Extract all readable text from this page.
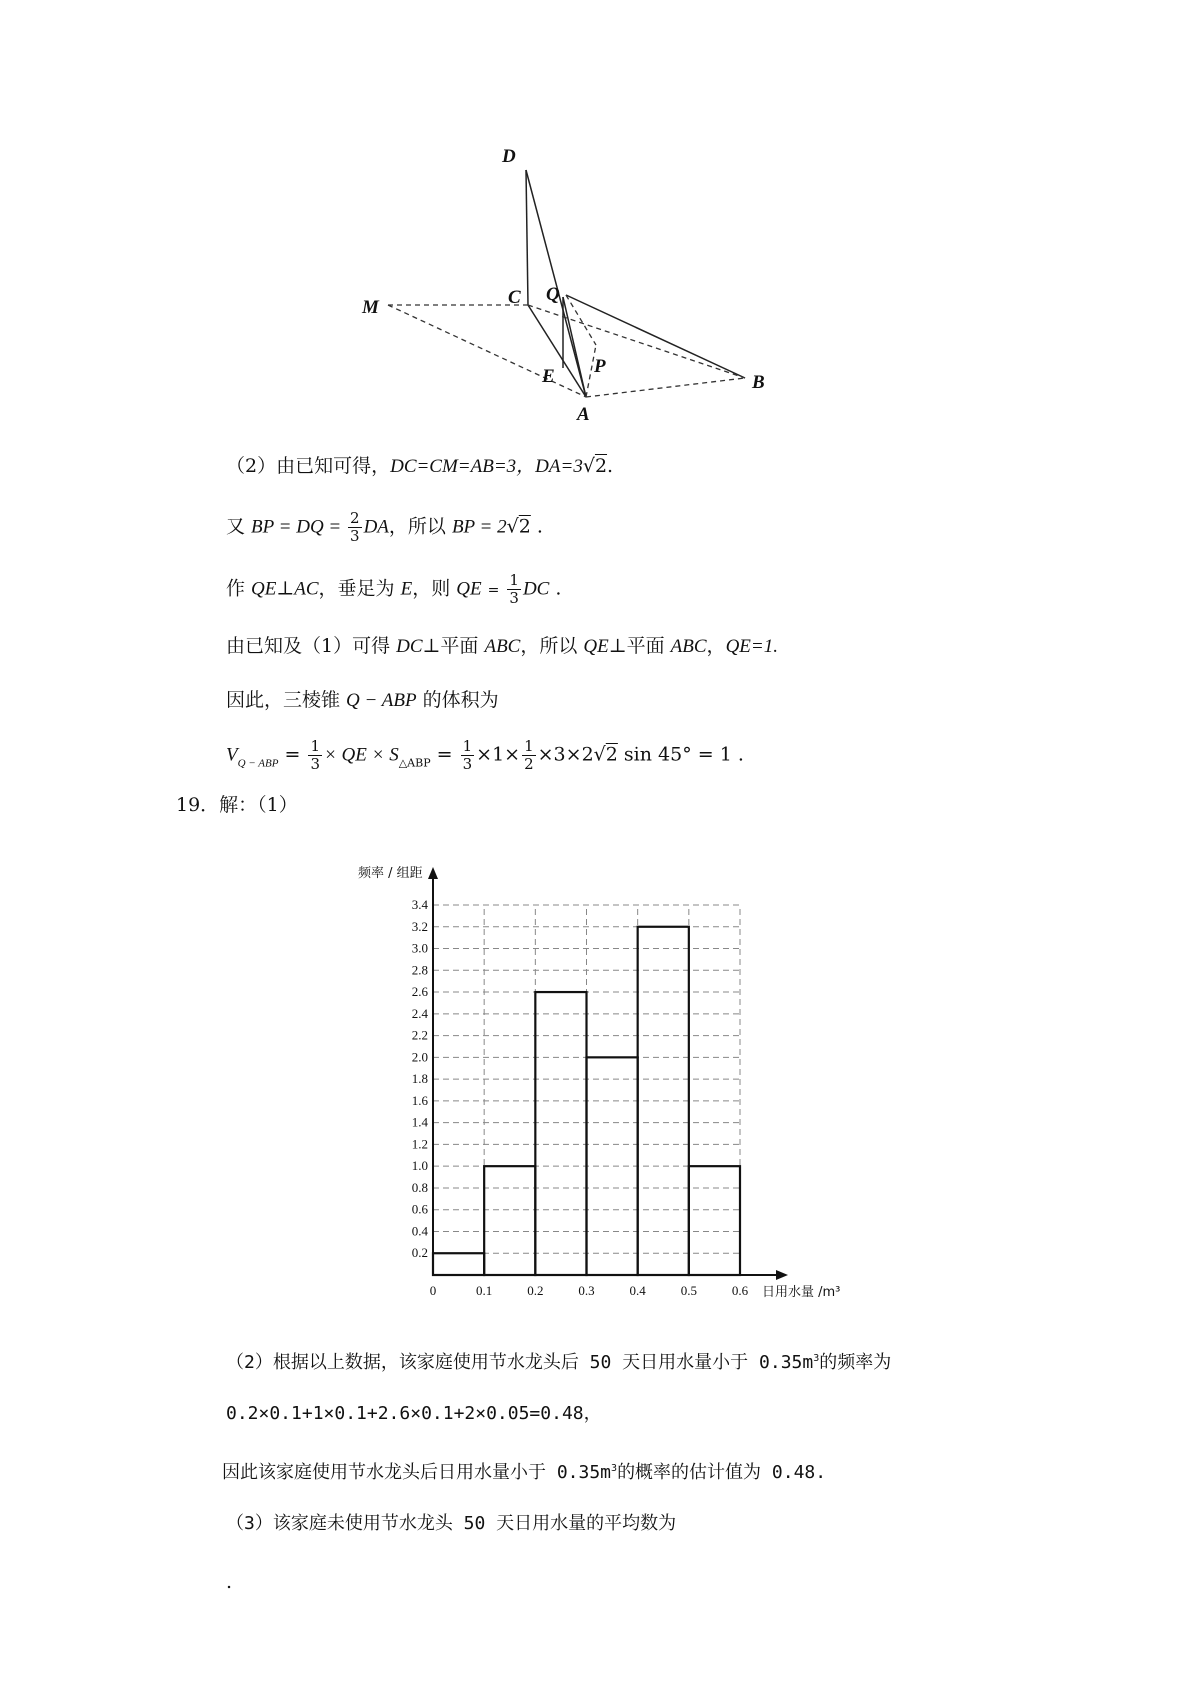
D
C Q
M
E P
A
B
（2）由已知可得，DC=CM=AB=3，DA=3√2.
又 BP = DQ = $\frac{2}{3}$ DA，所以 BP = 2√2 .
作 QE⊥AC，垂足为 E，则 QE = $\frac{1}{3}$ DC .
由已知及（1）可得 DC⊥平面 ABC，所以 QE⊥平面 ABC，QE=1.
因此，三棱锥 Q − ABP 的体积为
$V_{Q - ABP} = \frac{1}{3}$ × QE × $S_{\triangle ABP} = \frac{1}{3} \times 1\times \frac{1}{2} \times 3\times 2√2$ sin 45° = 1 .
19．解：（1）
0.2
0.4
0.6
0.8
1.0
1.2
1.4
1.6
1.8
2.0
2.2
2.4
2.6
2.8
3.0
3.2
3.4
0	0.1	0.2	0.3	0.4	0.5	0.6
频率 / 组距
日用水量 /m³
（2）根据以上数据，该家庭使用节水龙头后 50 天日用水量小于 $0.35m^3$的频率为
0.2×0.1+1×0.1+2.6×0.1+2×0.05=0.48，
因此该家庭使用节水龙头后日用水量小于 $0.35m^3$的概率的估计值为 0.48.
（3）该家庭未使用节水龙头 50 天日用水量的平均数为
.
